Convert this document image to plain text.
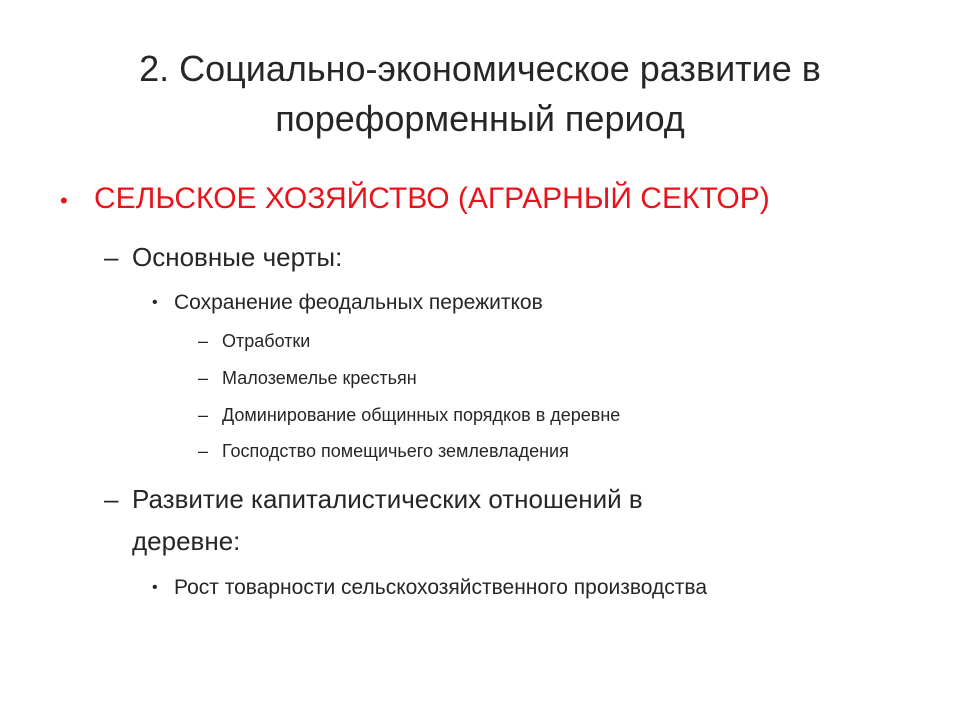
2. Социально-экономическое развитие в
пореформенный период
• СЕЛЬСКОЕ ХОЗЯЙСТВО (АГРАРНЫЙ СЕКТОР)
– Основные черты:
• Сохранение феодальных пережитков
– Отработки
– Малоземелье крестьян
– Доминирование общинных порядков в деревне
– Господство помещичьего землевладения
– Развитие капиталистических отношений в
деревне:
• Рост товарности сельскохозяйственного производства
